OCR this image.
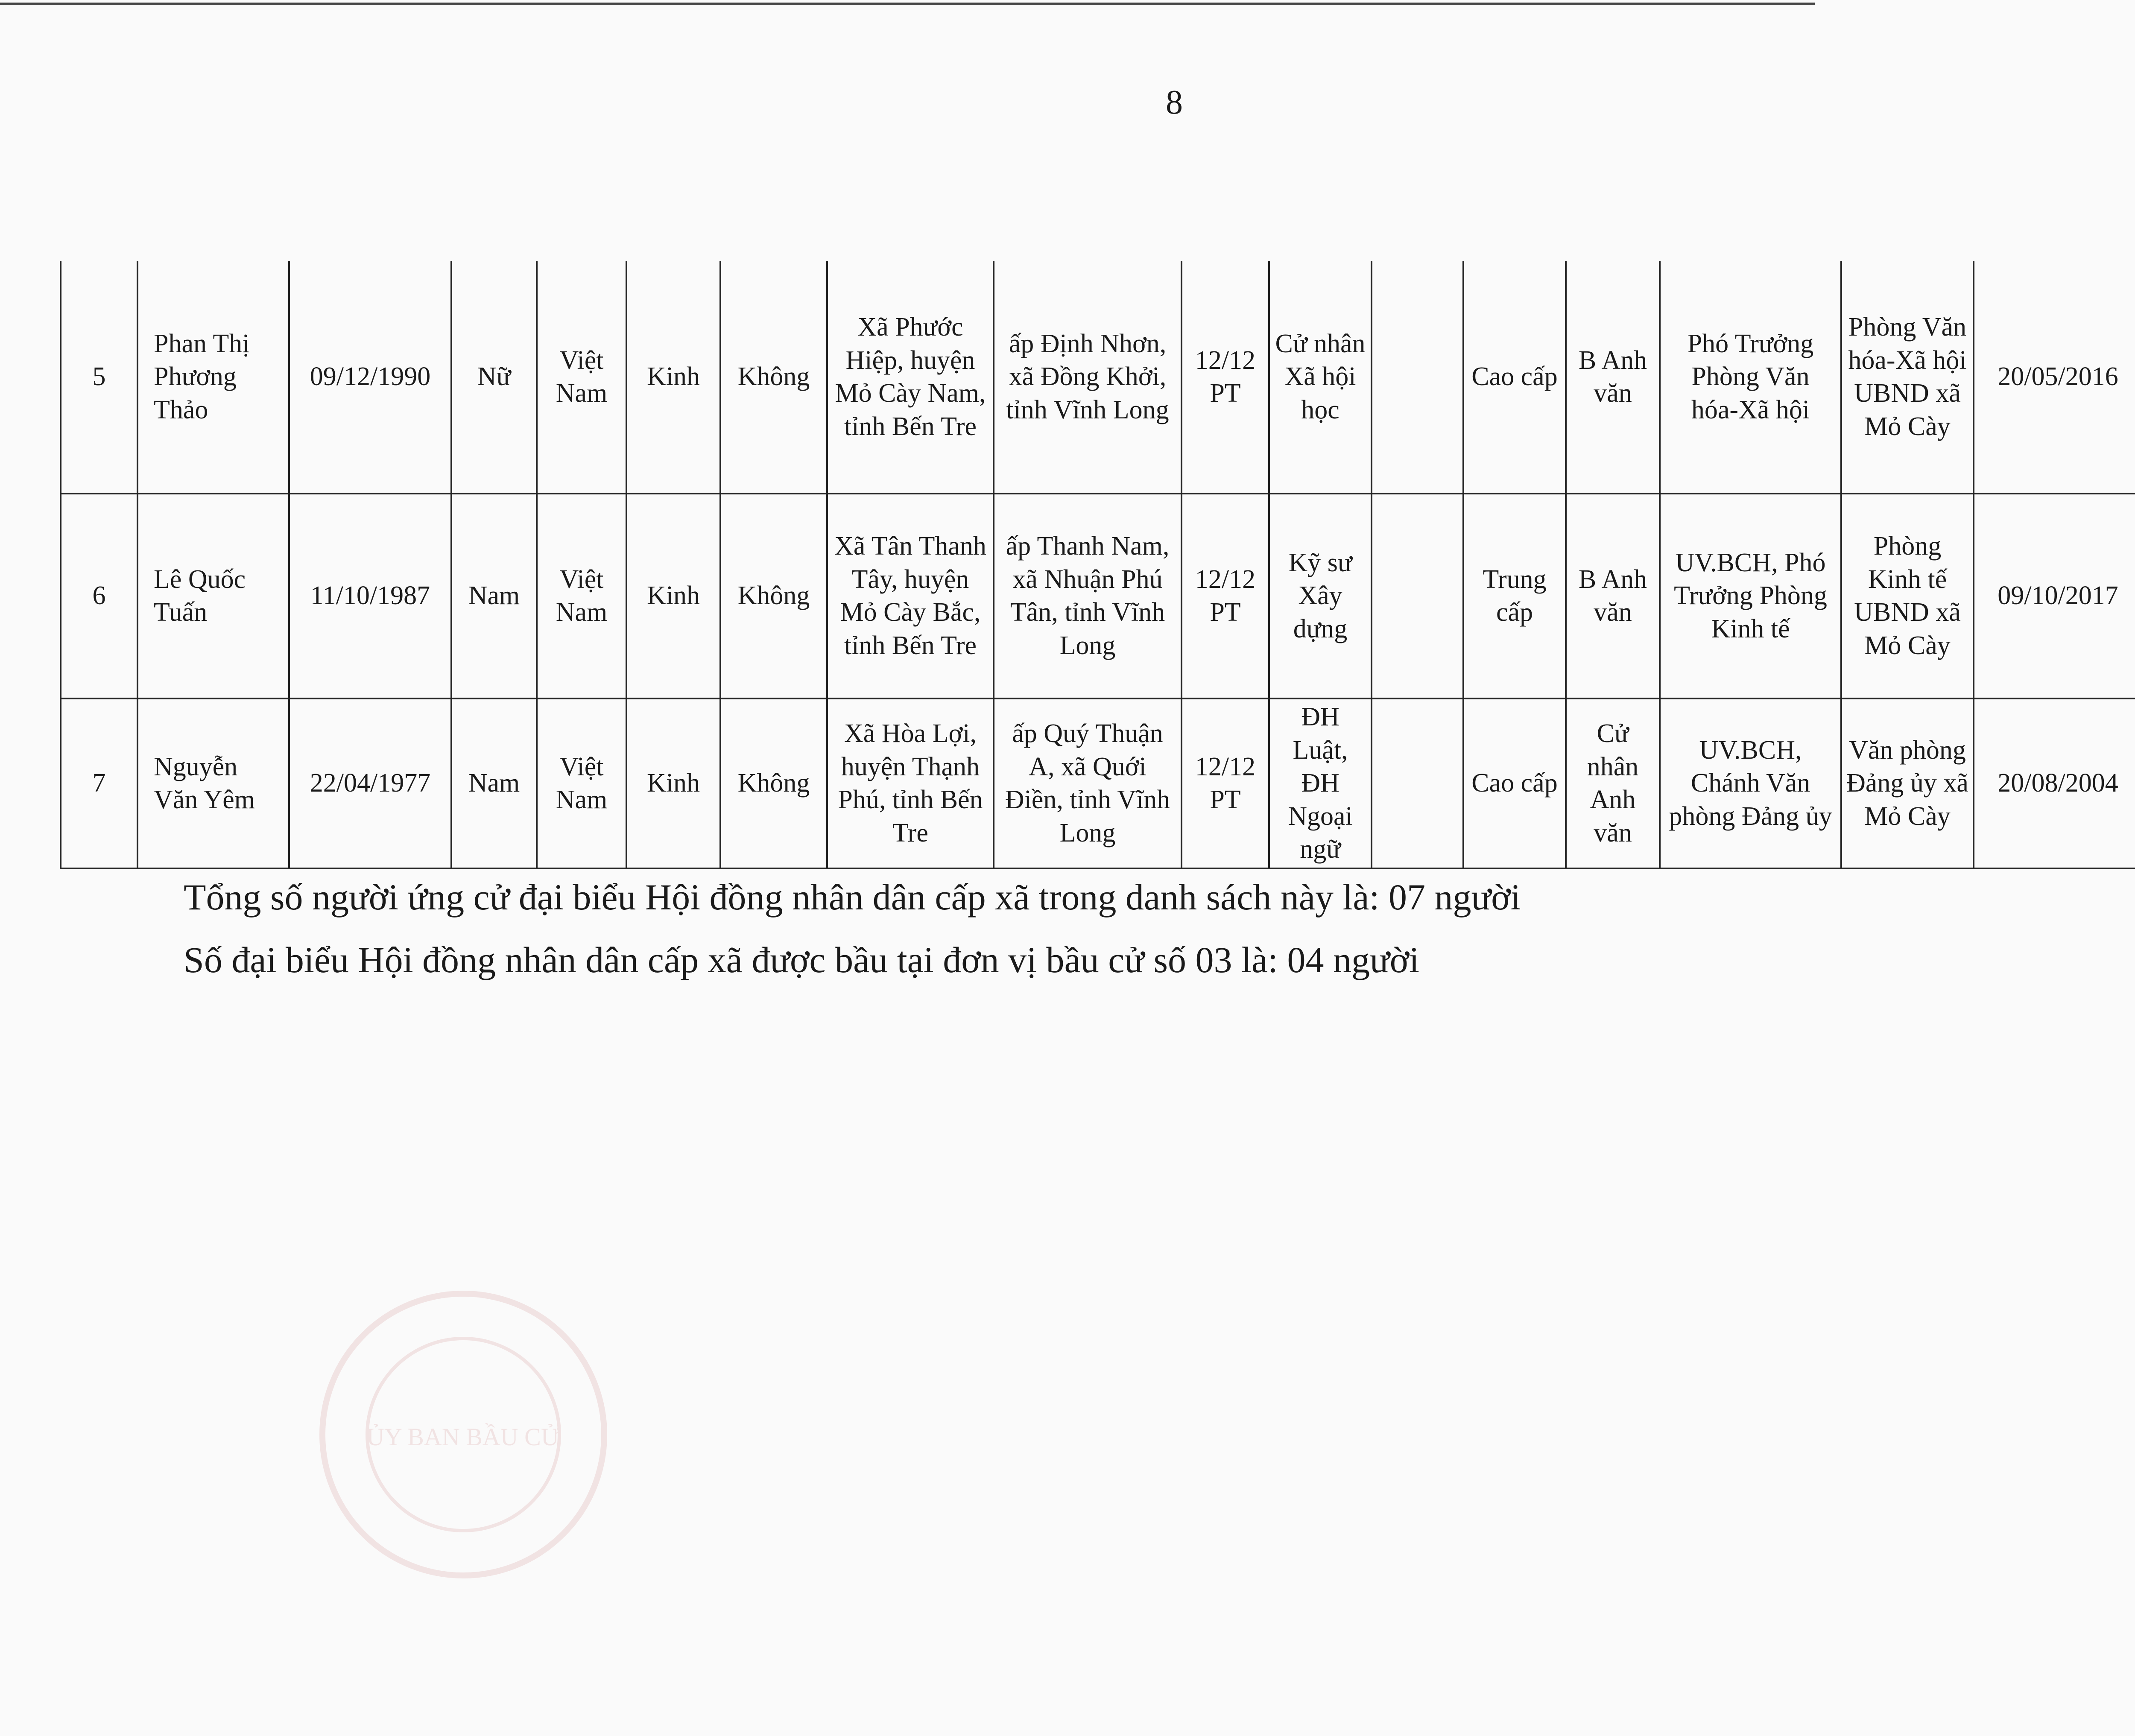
8
5	Phan Thị Phương Thảo	09/12/1990	Nữ	Việt Nam	Kinh	Không	Xã Phước Hiệp, huyện Mỏ Cày Nam, tỉnh Bến Tre	ấp Định Nhơn, xã Đồng Khởi, tỉnh Vĩnh Long	12/12 PT	Cử nhân Xã hội học		Cao cấp	B Anh văn	Phó Trưởng Phòng Văn hóa-Xã hội	Phòng Văn hóa-Xã hội UBND xã Mỏ Cày	20/05/2016		
6	Lê Quốc Tuấn	11/10/1987	Nam	Việt Nam	Kinh	Không	Xã Tân Thanh Tây, huyện Mỏ Cày Bắc, tỉnh Bến Tre	ấp Thanh Nam, xã Nhuận Phú Tân, tỉnh Vĩnh Long	12/12 PT	Kỹ sư Xây dựng		Trung cấp	B Anh văn	UV.BCH, Phó Trưởng Phòng Kinh tế	Phòng Kinh tế UBND xã Mỏ Cày	09/10/2017		
7	Nguyễn Văn Yêm	22/04/1977	Nam	Việt Nam	Kinh	Không	Xã Hòa Lợi, huyện Thạnh Phú, tỉnh Bến Tre	ấp Quý Thuận A, xã Quới Điền, tỉnh Vĩnh Long	12/12 PT	ĐH Luật, ĐH Ngoại ngữ		Cao cấp	Cử nhân Anh văn	UV.BCH, Chánh Văn phòng Đảng ủy	Văn phòng Đảng ủy xã Mỏ Cày	20/08/2004		
Tổng số người ứng cử đại biểu Hội đồng nhân dân cấp xã trong danh sách này là: 07 người
Số đại biểu Hội đồng nhân dân cấp xã được bầu tại đơn vị bầu cử số 03 là: 04 người
ỦY BAN BẦU CỬ
